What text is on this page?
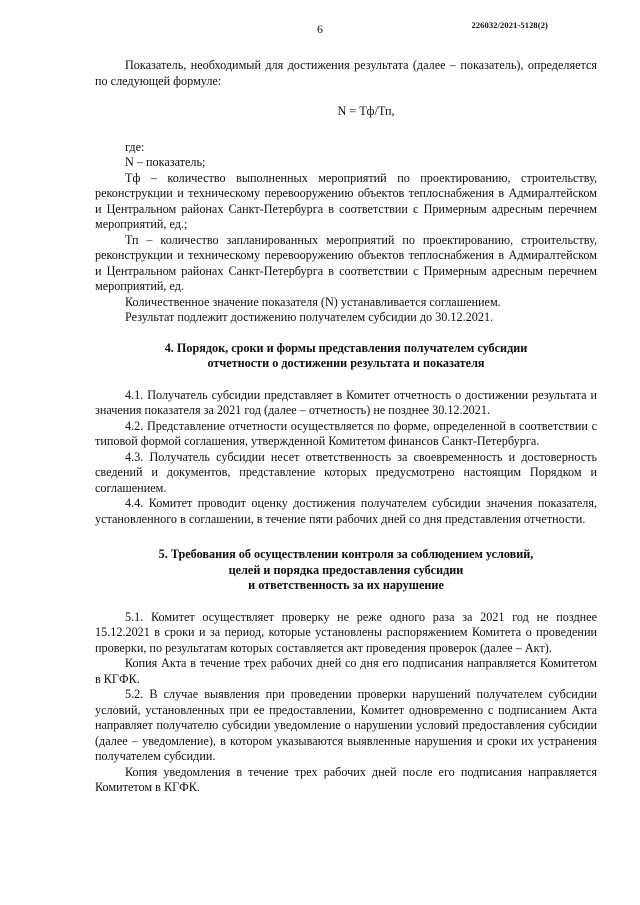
6	226032/2021-5128(2)

Показатель, необходимый для достижения результата (далее – показатель), определяется по следующей формуле:

N = Тф/Тп,

где:

N – показатель;

Тф – количество выполненных мероприятий по проектированию, строительству, реконструкции и техническому перевооружению объектов теплоснабжения в Адмиралтейском и Центральном районах Санкт-Петербурга в соответствии с Примерным адресным перечнем мероприятий, ед.;

Тп – количество запланированных мероприятий по проектированию, строительству, реконструкции и техническому перевооружению объектов теплоснабжения в Адмиралтейском и Центральном районах Санкт-Петербурга в соответствии с Примерным адресным перечнем мероприятий, ед.

Количественное значение показателя (N) устанавливается соглашением.

Результат подлежит достижению получателем субсидии до 30.12.2021.

4. Порядок, сроки и формы представления получателем субсидии
отчетности о достижении результата и показателя

4.1. Получатель субсидии представляет в Комитет отчетность о достижении результата и значения показателя за 2021 год (далее – отчетность) не позднее 30.12.2021.

4.2. Представление отчетности осуществляется по форме, определенной в соответствии с типовой формой соглашения, утвержденной Комитетом финансов Санкт-Петербурга.

4.3. Получатель субсидии несет ответственность за своевременность и достоверность сведений и документов, представление которых предусмотрено настоящим Порядком и соглашением.

4.4. Комитет проводит оценку достижения получателем субсидии значения показателя, установленного в соглашении, в течение пяти рабочих дней со дня представления отчетности.

5. Требования об осуществлении контроля за соблюдением условий,
целей и порядка предоставления субсидии
и ответственность за их нарушение

5.1. Комитет осуществляет проверку не реже одного раза за 2021 год не позднее 15.12.2021 в сроки и за период, которые установлены распоряжением Комитета о проведении проверки, по результатам которых составляется акт проведения проверок (далее – Акт).

Копия Акта в течение трех рабочих дней со дня его подписания направляется Комитетом в КГФК.

5.2. В случае выявления при проведении проверки нарушений получателем субсидии условий, установленных при ее предоставлении, Комитет одновременно с подписанием Акта направляет получателю субсидии уведомление о нарушении условий предоставления субсидии (далее – уведомление), в котором указываются выявленные нарушения и сроки их устранения получателем субсидии.

Копия уведомления в течение трех рабочих дней после его подписания направляется Комитетом в КГФК.
